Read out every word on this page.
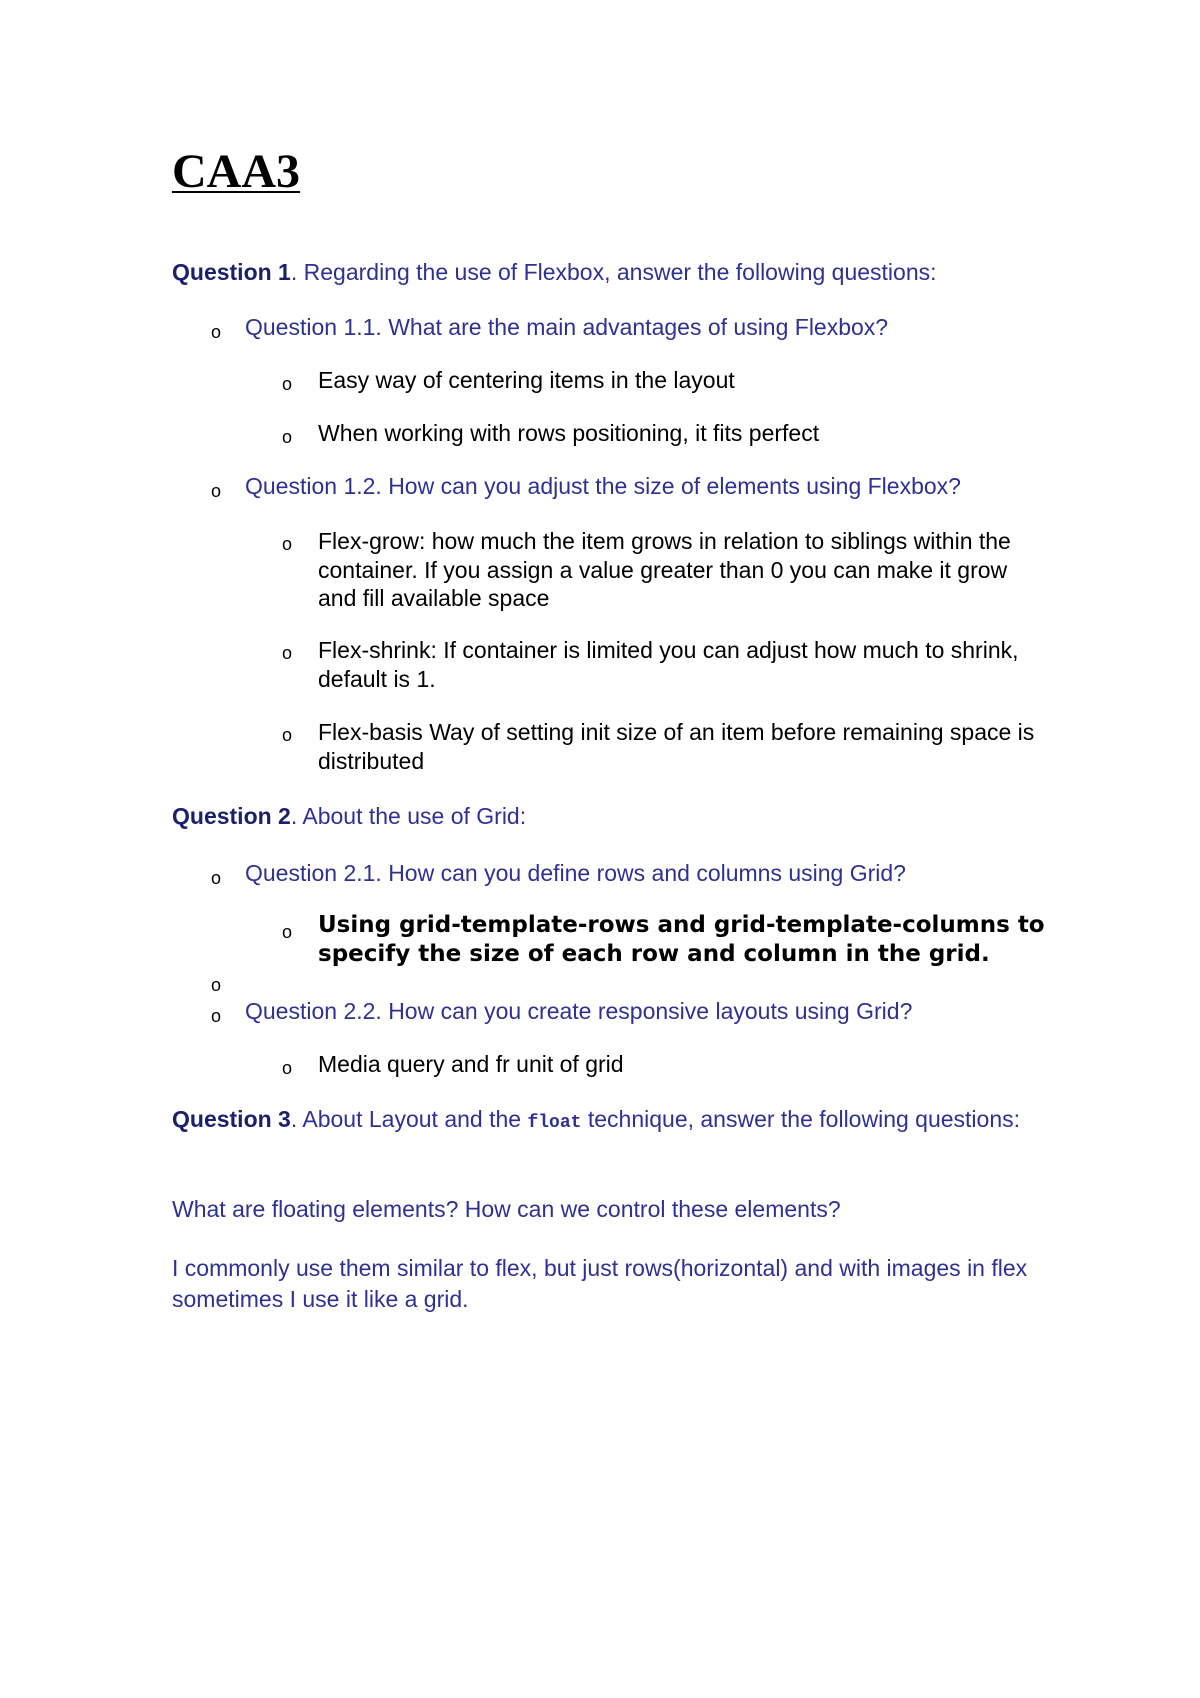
CAA3

Question 1. Regarding the use of Flexbox, answer the following questions:

o Question 1.1. What are the main advantages of using Flexbox?
o Easy way of centering items in the layout
o When working with rows positioning, it fits perfect
o Question 1.2. How can you adjust the size of elements using Flexbox?
o Flex-grow: how much the item grows in relation to siblings within the container. If you assign a value greater than 0 you can make it grow and fill available space
o Flex-shrink: If container is limited you can adjust how much to shrink, default is 1.
o Flex-basis Way of setting init size of an item before remaining space is distributed

Question 2. About the use of Grid:

o Question 2.1. How can you define rows and columns using Grid?
o Using grid-template-rows and grid-template-columns to specify the size of each row and column in the grid.
o
o Question 2.2. How can you create responsive layouts using Grid?
o Media query and fr unit of grid

Question 3. About Layout and the float technique, answer the following questions:

What are floating elements? How can we control these elements?
I commonly use them similar to flex, but just rows(horizontal) and with images in flex sometimes I use it like a grid.
